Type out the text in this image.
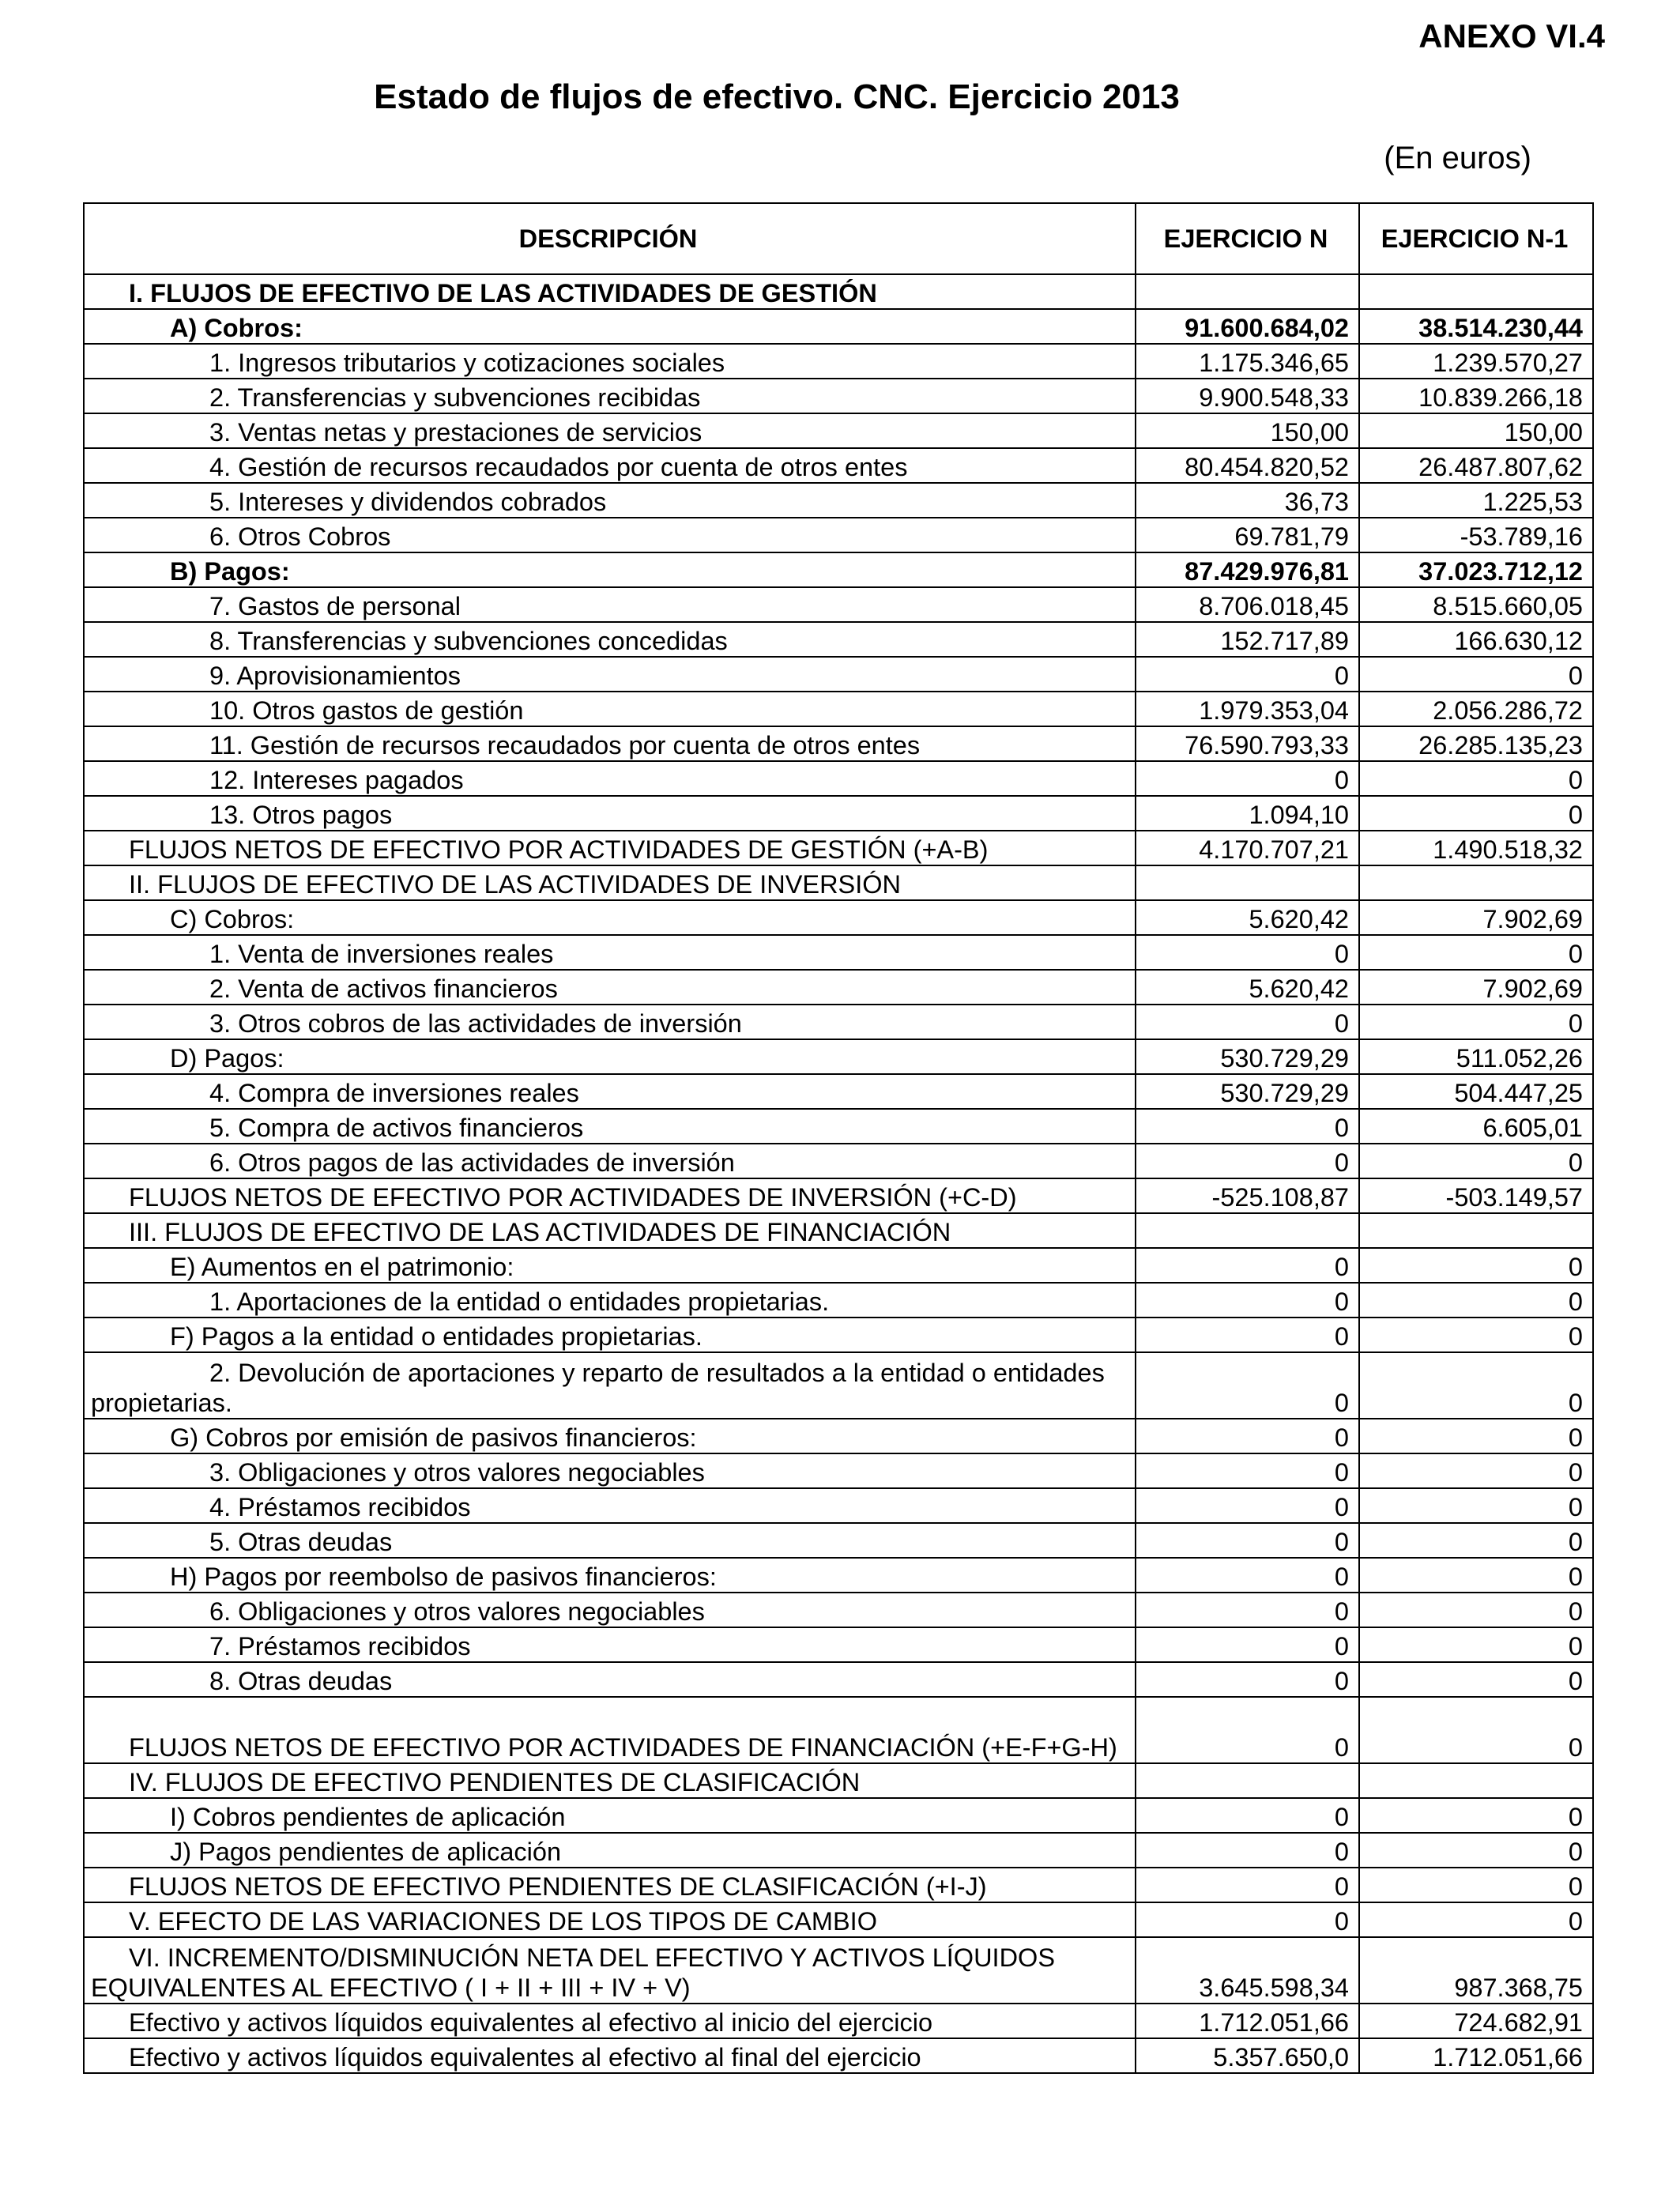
ANEXO VI.4
Estado de flujos de efectivo. CNC. Ejercicio 2013
(En euros)
DESCRIPCIÓN	EJERCICIO N	EJERCICIO N-1
I. FLUJOS DE EFECTIVO DE LAS ACTIVIDADES DE GESTIÓN		
A) Cobros:	91.600.684,02	38.514.230,44
1. Ingresos tributarios y cotizaciones sociales	1.175.346,65	1.239.570,27
2. Transferencias y subvenciones recibidas	9.900.548,33	10.839.266,18
3. Ventas netas y prestaciones de servicios	150,00	150,00
4. Gestión de recursos recaudados por cuenta de otros entes	80.454.820,52	26.487.807,62
5. Intereses y dividendos cobrados	36,73	1.225,53
6. Otros Cobros	69.781,79	-53.789,16
B) Pagos:	87.429.976,81	37.023.712,12
7. Gastos de personal	8.706.018,45	8.515.660,05
8. Transferencias y subvenciones concedidas	152.717,89	166.630,12
9. Aprovisionamientos	0	0
10. Otros gastos de gestión	1.979.353,04	2.056.286,72
11. Gestión de recursos recaudados por cuenta de otros entes	76.590.793,33	26.285.135,23
12. Intereses pagados	0	0
13. Otros pagos	1.094,10	0
FLUJOS NETOS DE EFECTIVO POR ACTIVIDADES DE GESTIÓN (+A-B)	4.170.707,21	1.490.518,32
II. FLUJOS DE EFECTIVO DE LAS ACTIVIDADES DE INVERSIÓN		
C) Cobros:	5.620,42	7.902,69
1. Venta de inversiones reales	0	0
2. Venta de activos financieros	5.620,42	7.902,69
3. Otros cobros de las actividades de inversión	0	0
D) Pagos:	530.729,29	511.052,26
4. Compra de inversiones reales	530.729,29	504.447,25
5. Compra de activos financieros	0	6.605,01
6. Otros pagos de las actividades de inversión	0	0
FLUJOS NETOS DE EFECTIVO POR ACTIVIDADES DE INVERSIÓN (+C-D)	-525.108,87	-503.149,57
III. FLUJOS DE EFECTIVO DE LAS ACTIVIDADES DE FINANCIACIÓN		
E) Aumentos en el patrimonio:	0	0
1. Aportaciones de la entidad o entidades propietarias.	0	0
F) Pagos a la entidad o entidades propietarias.	0	0
2. Devolución de aportaciones y reparto de resultados a la entidad o entidades propietarias.	0	0
G) Cobros por emisión de pasivos financieros:	0	0
3. Obligaciones y otros valores negociables	0	0
4. Préstamos recibidos	0	0
5. Otras deudas	0	0
H) Pagos por reembolso de pasivos financieros:	0	0
6. Obligaciones y otros valores negociables	0	0
7. Préstamos recibidos	0	0
8. Otras deudas	0	0
FLUJOS NETOS DE EFECTIVO POR ACTIVIDADES DE FINANCIACIÓN (+E-F+G-H)	0	0
IV. FLUJOS DE EFECTIVO PENDIENTES DE CLASIFICACIÓN		
I) Cobros pendientes de aplicación	0	0
J) Pagos pendientes de aplicación	0	0
FLUJOS NETOS DE EFECTIVO PENDIENTES DE CLASIFICACIÓN (+I-J)	0	0
V. EFECTO DE LAS VARIACIONES DE LOS TIPOS DE CAMBIO	0	0
VI. INCREMENTO/DISMINUCIÓN NETA DEL EFECTIVO Y ACTIVOS LÍQUIDOS EQUIVALENTES AL EFECTIVO ( I + II + III + IV + V)	3.645.598,34	987.368,75
Efectivo y activos líquidos equivalentes al efectivo al inicio del ejercicio	1.712.051,66	724.682,91
Efectivo y activos líquidos equivalentes al efectivo al final del ejercicio	5.357.650,0	1.712.051,66
